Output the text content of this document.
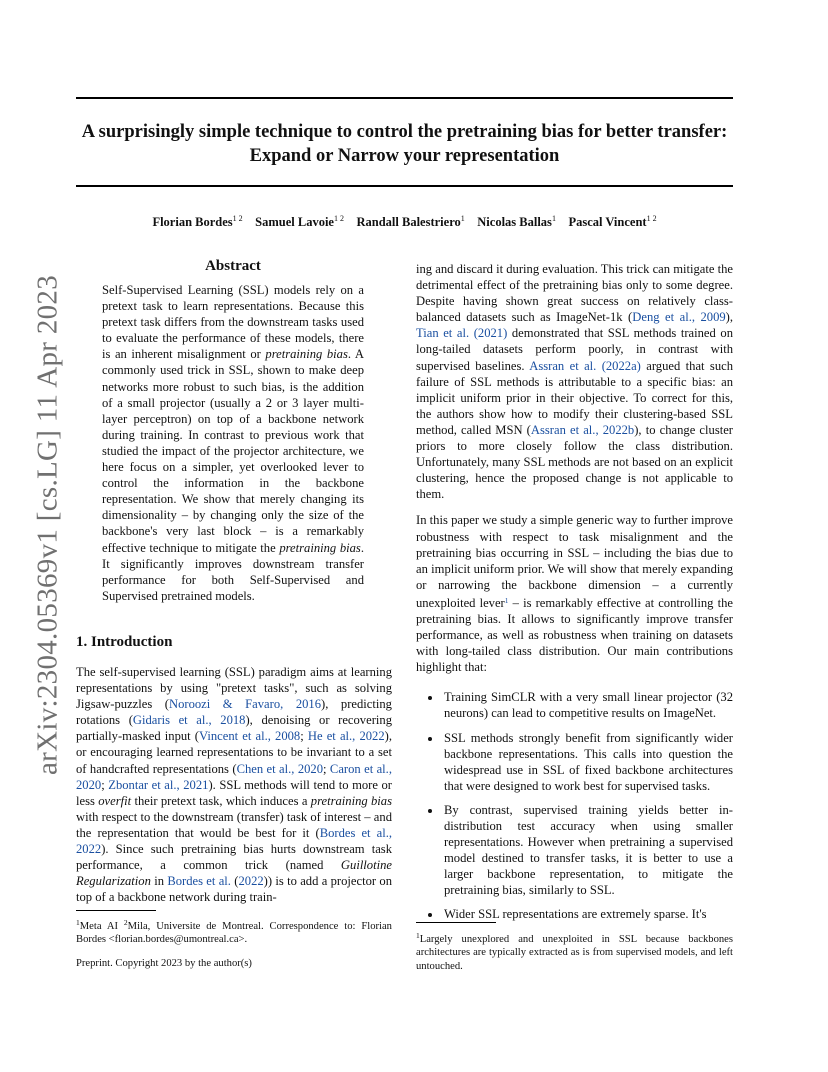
A surprisingly simple technique to control the pretraining bias for better transfer: Expand or Narrow your representation
Florian Bordes$^{1 2}$  Samuel Lavoie$^{1 2}$  Randall Balestriero$^1$  Nicolas Ballas$^1$  Pascal Vincent$^{1 2}$
arXiv:2304.05369v1 [cs.LG] 11 Apr 2023
Abstract

Self-Supervised Learning (SSL) models rely on a pretext task to learn representations. Because this pretext task differs from the downstream tasks used to evaluate the performance of these models, there is an inherent misalignment or pretraining bias. A commonly used trick in SSL, shown to make deep networks more robust to such bias, is the addition of a small projector (usually a 2 or 3 layer multi-layer perceptron) on top of a backbone network during training. In contrast to previous work that studied the impact of the projector architecture, we here focus on a simpler, yet overlooked lever to control the information in the backbone representation. We show that merely changing its dimensionality – by changing only the size of the backbone's very last block – is a remarkably effective technique to mitigate the pretraining bias. It significantly improves downstream transfer performance for both Self-Supervised and Supervised pretrained models.

1. Introduction

The self-supervised learning (SSL) paradigm aims at learning representations by using "pretext tasks", such as solving Jigsaw-puzzles (Noroozi & Favaro, 2016), predicting rotations (Gidaris et al., 2018), denoising or recovering partially-masked input (Vincent et al., 2008; He et al., 2022), or encouraging learned representations to be invariant to a set of handcrafted representations (Chen et al., 2020; Caron et al., 2020; Zbontar et al., 2021). SSL methods will tend to more or less overfit their pretext task, which induces a pretraining bias with respect to the downstream (transfer) task of interest – and the representation that would be best for it (Bordes et al., 2022). Since such pretraining bias hurts downstream task performance, a common trick (named Guillotine Regularization in Bordes et al. (2022)) is to add a projector on top of a backbone network during train-

ing and discard it during evaluation. This trick can mitigate the detrimental effect of the pretraining bias only to some degree. Despite having shown great success on relatively class-balanced datasets such as ImageNet-1k (Deng et al., 2009), Tian et al. (2021) demonstrated that SSL methods trained on long-tailed datasets perform poorly, in contrast with supervised baselines. Assran et al. (2022a) argued that such failure of SSL methods is attributable to a specific bias: an implicit uniform prior in their objective. To correct for this, the authors show how to modify their clustering-based SSL method, called MSN (Assran et al., 2022b), to change cluster priors to more closely follow the class distribution. Unfortunately, many SSL methods are not based on an explicit clustering, hence the proposed change is not applicable to them.

In this paper we study a simple generic way to further improve robustness with respect to task misalignment and the pretraining bias occurring in SSL – including the bias due to an implicit uniform prior. We will show that merely expanding or narrowing the backbone dimension – a currently unexploited lever$^1$ – is remarkably effective at controlling the pretraining bias. It allows to significantly improve transfer performance, as well as robustness when training on datasets with long-tailed class distribution. Our main contributions highlight that:

• Training SimCLR with a very small linear projector (32 neurons) can lead to competitive results on ImageNet.
• SSL methods strongly benefit from significantly wider backbone representations. This calls into question the widespread use in SSL of fixed backbone architectures that were designed to work best for supervised tasks.
• By contrast, supervised training yields better in-distribution test accuracy when using smaller representations. However when pretraining a supervised model destined to transfer tasks, it is better to use a larger backbone representation, to mitigate the pretraining bias, similarly to SSL.
• Wider SSL representations are extremely sparse. It's
$^1$Meta AI $^2$Mila, Universite de Montreal. Correspondence to: Florian Bordes <florian.bordes@umontreal.ca>.
Preprint. Copyright 2023 by the author(s)
$^1$Largely unexplored and unexploited in SSL because backbones architectures are typically extracted as is from supervised models, and left untouched.
